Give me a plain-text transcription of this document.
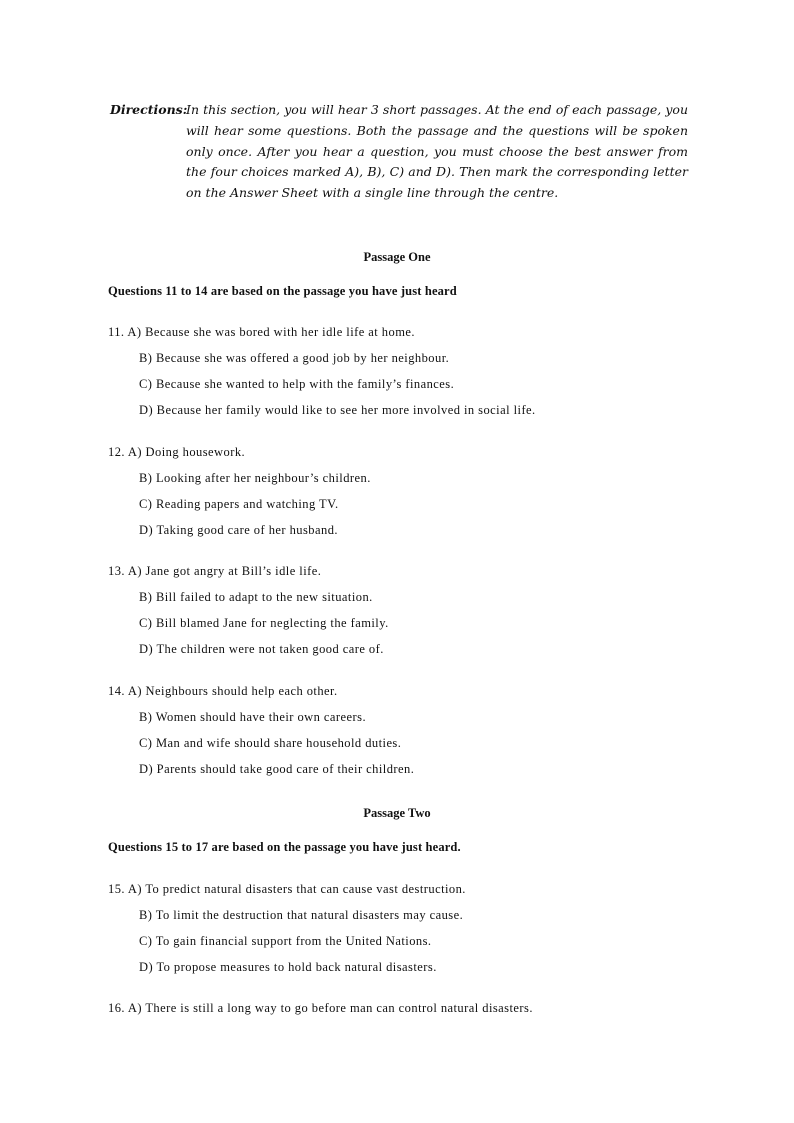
Directions:
In this section, you will hear 3 short passages. At the end of each passage, you will hear some questions. Both the passage and the questions will be spoken only once. After you hear a question, you must choose the best answer from the four choices marked A), B), C) and D). Then mark the corresponding letter on the Answer Sheet with a single line through the centre.
Passage One
Questions 11 to 14 are based on the passage you have just heard
11. A) Because she was bored with her idle life at home.
B) Because she was offered a good job by her neighbour.
C) Because she wanted to help with the family’s finances.
D) Because her family would like to see her more involved in social life.
12. A) Doing housework.
B) Looking after her neighbour’s children.
C) Reading papers and watching TV.
D) Taking good care of her husband.
13. A) Jane got angry at Bill’s idle life.
B) Bill failed to adapt to the new situation.
C) Bill blamed Jane for neglecting the family.
D) The children were not taken good care of.
14. A) Neighbours should help each other.
B) Women should have their own careers.
C) Man and wife should share household duties.
D) Parents should take good care of their children.
Passage Two
Questions 15 to 17 are based on the passage you have just heard.
15. A) To predict natural disasters that can cause vast destruction.
B) To limit the destruction that natural disasters may cause.
C) To gain financial support from the United Nations.
D) To propose measures to hold back natural disasters.
16. A) There is still a long way to go before man can control natural disasters.
